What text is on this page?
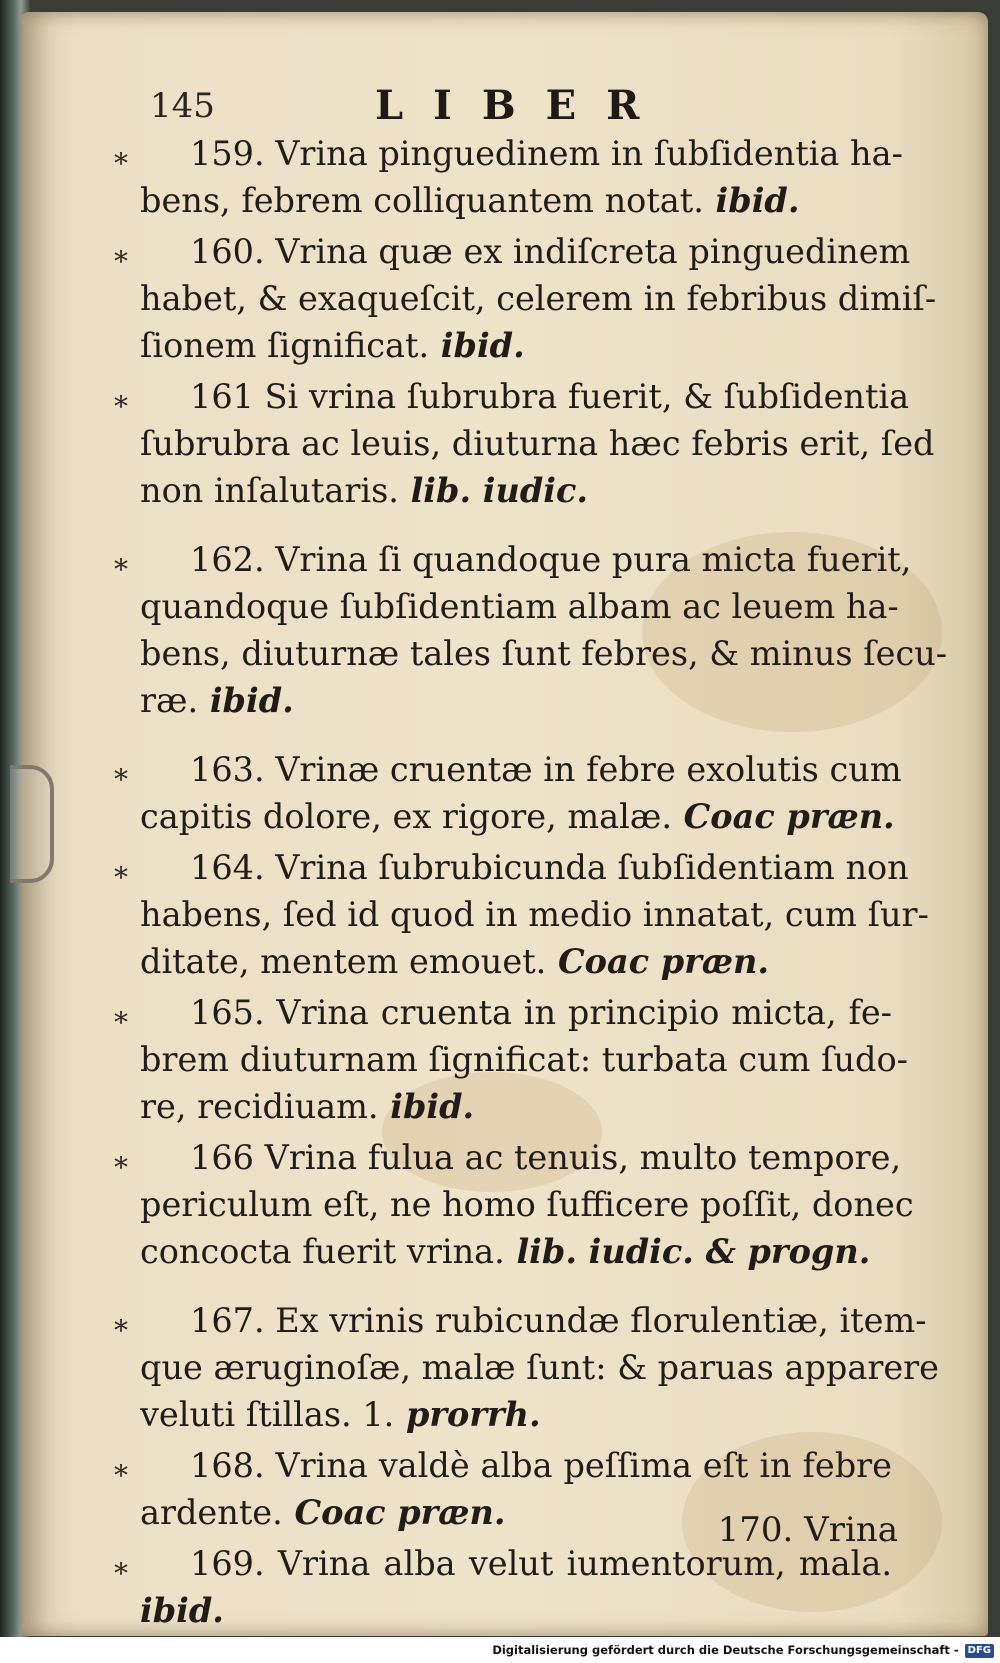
145	LIBER
*	159. Vrina pinguedinem in ſubſidentia ha-
bens, febrem colliquantem notat. ibid.
*	160. Vrina quæ ex indiſcreta pinguedinem
habet, & exaqueſcit, celerem in febribus dimiſ-
ſionem ſignificat. ibid.
*	161 Si vrina ſubrubra fuerit, & ſubſidentia
ſubrubra ac leuis, diuturna hæc febris erit, ſed
non inſalutaris. lib. iudic.
*	162. Vrina ſi quandoque pura micta fuerit,
quandoque ſubſidentiam albam ac leuem ha-
bens, diuturnæ tales ſunt febres, & minus ſecu-
ræ. ibid.
*	163. Vrinæ cruentæ in febre exolutis cum
capitis dolore, ex rigore, malæ. Coac præn.
*	164. Vrina ſubrubicunda ſubſidentiam non
habens, ſed id quod in medio innatat, cum ſur-
ditate, mentem emouet. Coac præn.
*	165. Vrina cruenta in principio micta, fe-
brem diuturnam ſignificat: turbata cum ſudo-
re, recidiuam. ibid.
*	166 Vrina fulua ac tenuis, multo tempore,
periculum eſt, ne homo ſufficere poſſit, donec
concocta fuerit vrina. lib. iudic. & progn.
*	167. Ex vrinis rubicundæ florulentiæ, item-
que æruginoſæ, malæ ſunt: & paruas apparere
veluti ſtillas. 1. prorrh.
*	168. Vrina valdè alba peſſima eſt in febre
ardente. Coac præn.
*	169. Vrina alba velut iumentorum, mala.
ibid.
170. Vrina
Digitalisierung gefördert durch die Deutsche Forschungsgemeinschaft - DFG
